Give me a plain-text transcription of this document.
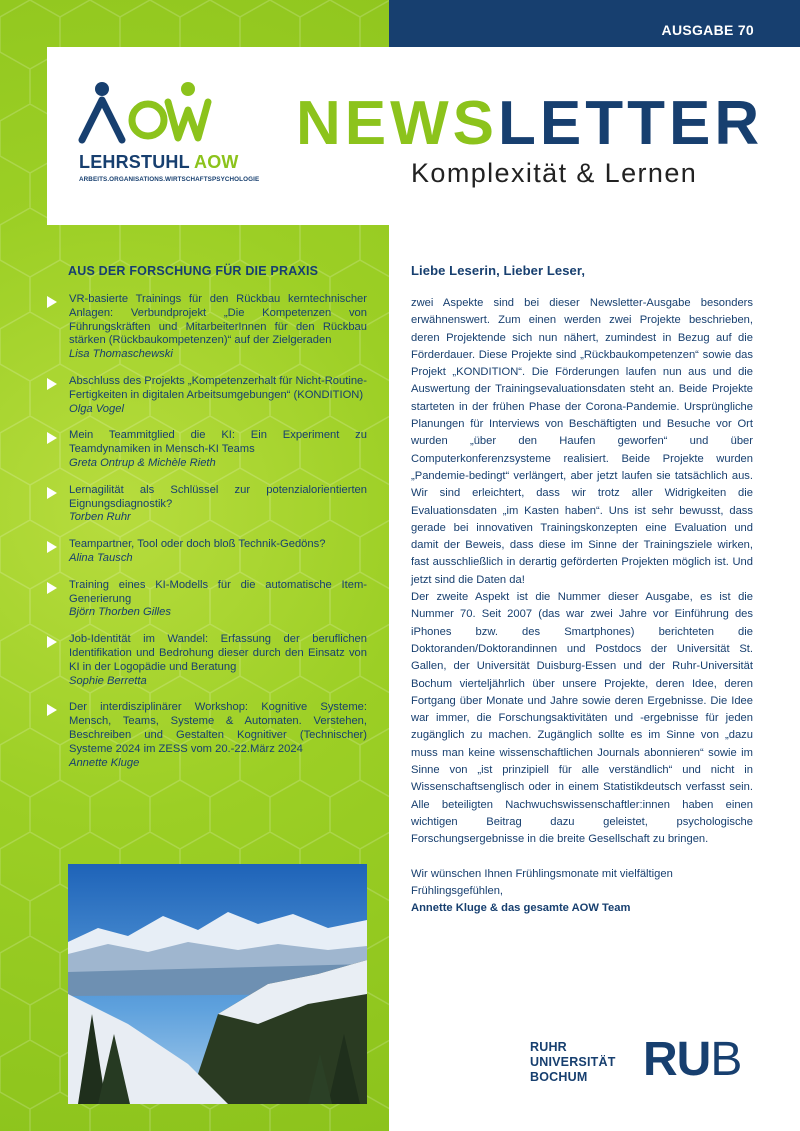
AUSGABE 70
LEHRSTUHL AOW
ARBEITS.ORGANISATIONS.WIRTSCHAFTSPSYCHOLOGIE
NEWSLETTER
Komplexität & Lernen
AUS DER FORSCHUNG FÜR DIE PRAXIS
VR-basierte Trainings für den Rückbau kerntechnischer Anlagen: Verbundprojekt „Die Kompetenzen von Führungskräften und MitarbeiterInnen für den Rückbau stärken (Rückbaukompetenzen)“ auf der Zielgeraden
Lisa Thomaschewski
Abschluss des Projekts „Kompetenzerhalt für Nicht-Routine-Fertigkeiten in digitalen Arbeitsumgebungen“ (KONDITION)
Olga Vogel
Mein Teammitglied die KI: Ein Experiment zu Teamdynamiken in Mensch-KI Teams
Greta Ontrup & Michèle Rieth
Lernagilität als Schlüssel zur potenzialorientierten Eignungsdiagnostik?
Torben Ruhr
Teampartner, Tool oder doch bloß Technik-Gedöns?
Alina Tausch
Training eines KI-Modells für die automatische Item-Generierung
Björn Thorben Gilles
Job-Identität im Wandel: Erfassung der beruflichen Identifikation und Bedrohung dieser durch den Einsatz von KI in der Logopädie und Beratung
Sophie Berretta
Der interdisziplinärer Workshop: Kognitive Systeme: Mensch, Teams, Systeme & Automaten. Verstehen, Beschreiben und Gestalten Kognitiver (Technischer) Systeme 2024 im ZESS vom 20.-22.März 2024
Annette Kluge
Liebe Leserin, Lieber Leser,

zwei Aspekte sind bei dieser Newsletter-Ausgabe besonders erwähnenswert. Zum einen werden zwei Projekte beschrieben, deren Projektende sich nun nähert, zumindest in Bezug auf die Förderdauer. Diese Projekte sind „Rückbaukompetenzen“ sowie das Projekt „KONDITION“. Die Förderungen laufen nun aus und die Auswertung der Trainingsevaluationsdaten steht an. Beide Projekte starteten in der frühen Phase der Corona-Pandemie. Ursprüngliche Planungen für Interviews von Beschäftigten und Besuche vor Ort wurden „über den Haufen geworfen“ und über Computerkonferenzsysteme realisiert. Beide Projekte wurden „Pandemie-bedingt“ verlängert, aber jetzt laufen sie tatsächlich aus. Wir sind erleichtert, dass wir trotz aller Widrigkeiten die Evaluationsdaten „im Kasten haben“. Uns ist sehr bewusst, dass gerade bei innovativen Trainingskonzepten eine Evaluation und damit der Beweis, dass diese im Sinne der Trainingsziele wirken, fast ausschließlich in derartig geförderten Projekten möglich ist. Und jetzt sind die Daten da!

Der zweite Aspekt ist die Nummer dieser Ausgabe, es ist die Nummer 70. Seit 2007 (das war zwei Jahre vor Einführung des iPhones bzw. des Smartphones) berichteten die Doktoranden/Doktorandinnen und Postdocs der Universität St. Gallen, der Universität Duisburg-Essen und der Ruhr-Universität Bochum vierteljährlich über unsere Projekte, deren Idee, deren Fortgang über Monate und Jahre sowie deren Ergebnisse. Die Idee war immer, die Forschungsaktivitäten und -ergebnisse für jeden zugänglich zu machen. Zugänglich sollte es im Sinne von „dazu muss man keine wissenschaftlichen Journals abonnieren“ sowie im Sinne von „ist prinzipiell für alle verständlich“ und nicht in Wissenschaftsenglisch oder in einem Statistikdeutsch verfasst sein. Alle beteiligten Nachwuchswissenschaftler:innen haben einen wichtigen Beitrag dazu geleistet, psychologische Forschungsergebnisse in die breite Gesellschaft zu bringen.

Wir wünschen Ihnen Frühlingsmonate mit vielfältigen Frühlingsgefühlen,

Annette Kluge & das gesamte AOW Team

RUHR
UNIVERSITÄT
BOCHUM	RUB
